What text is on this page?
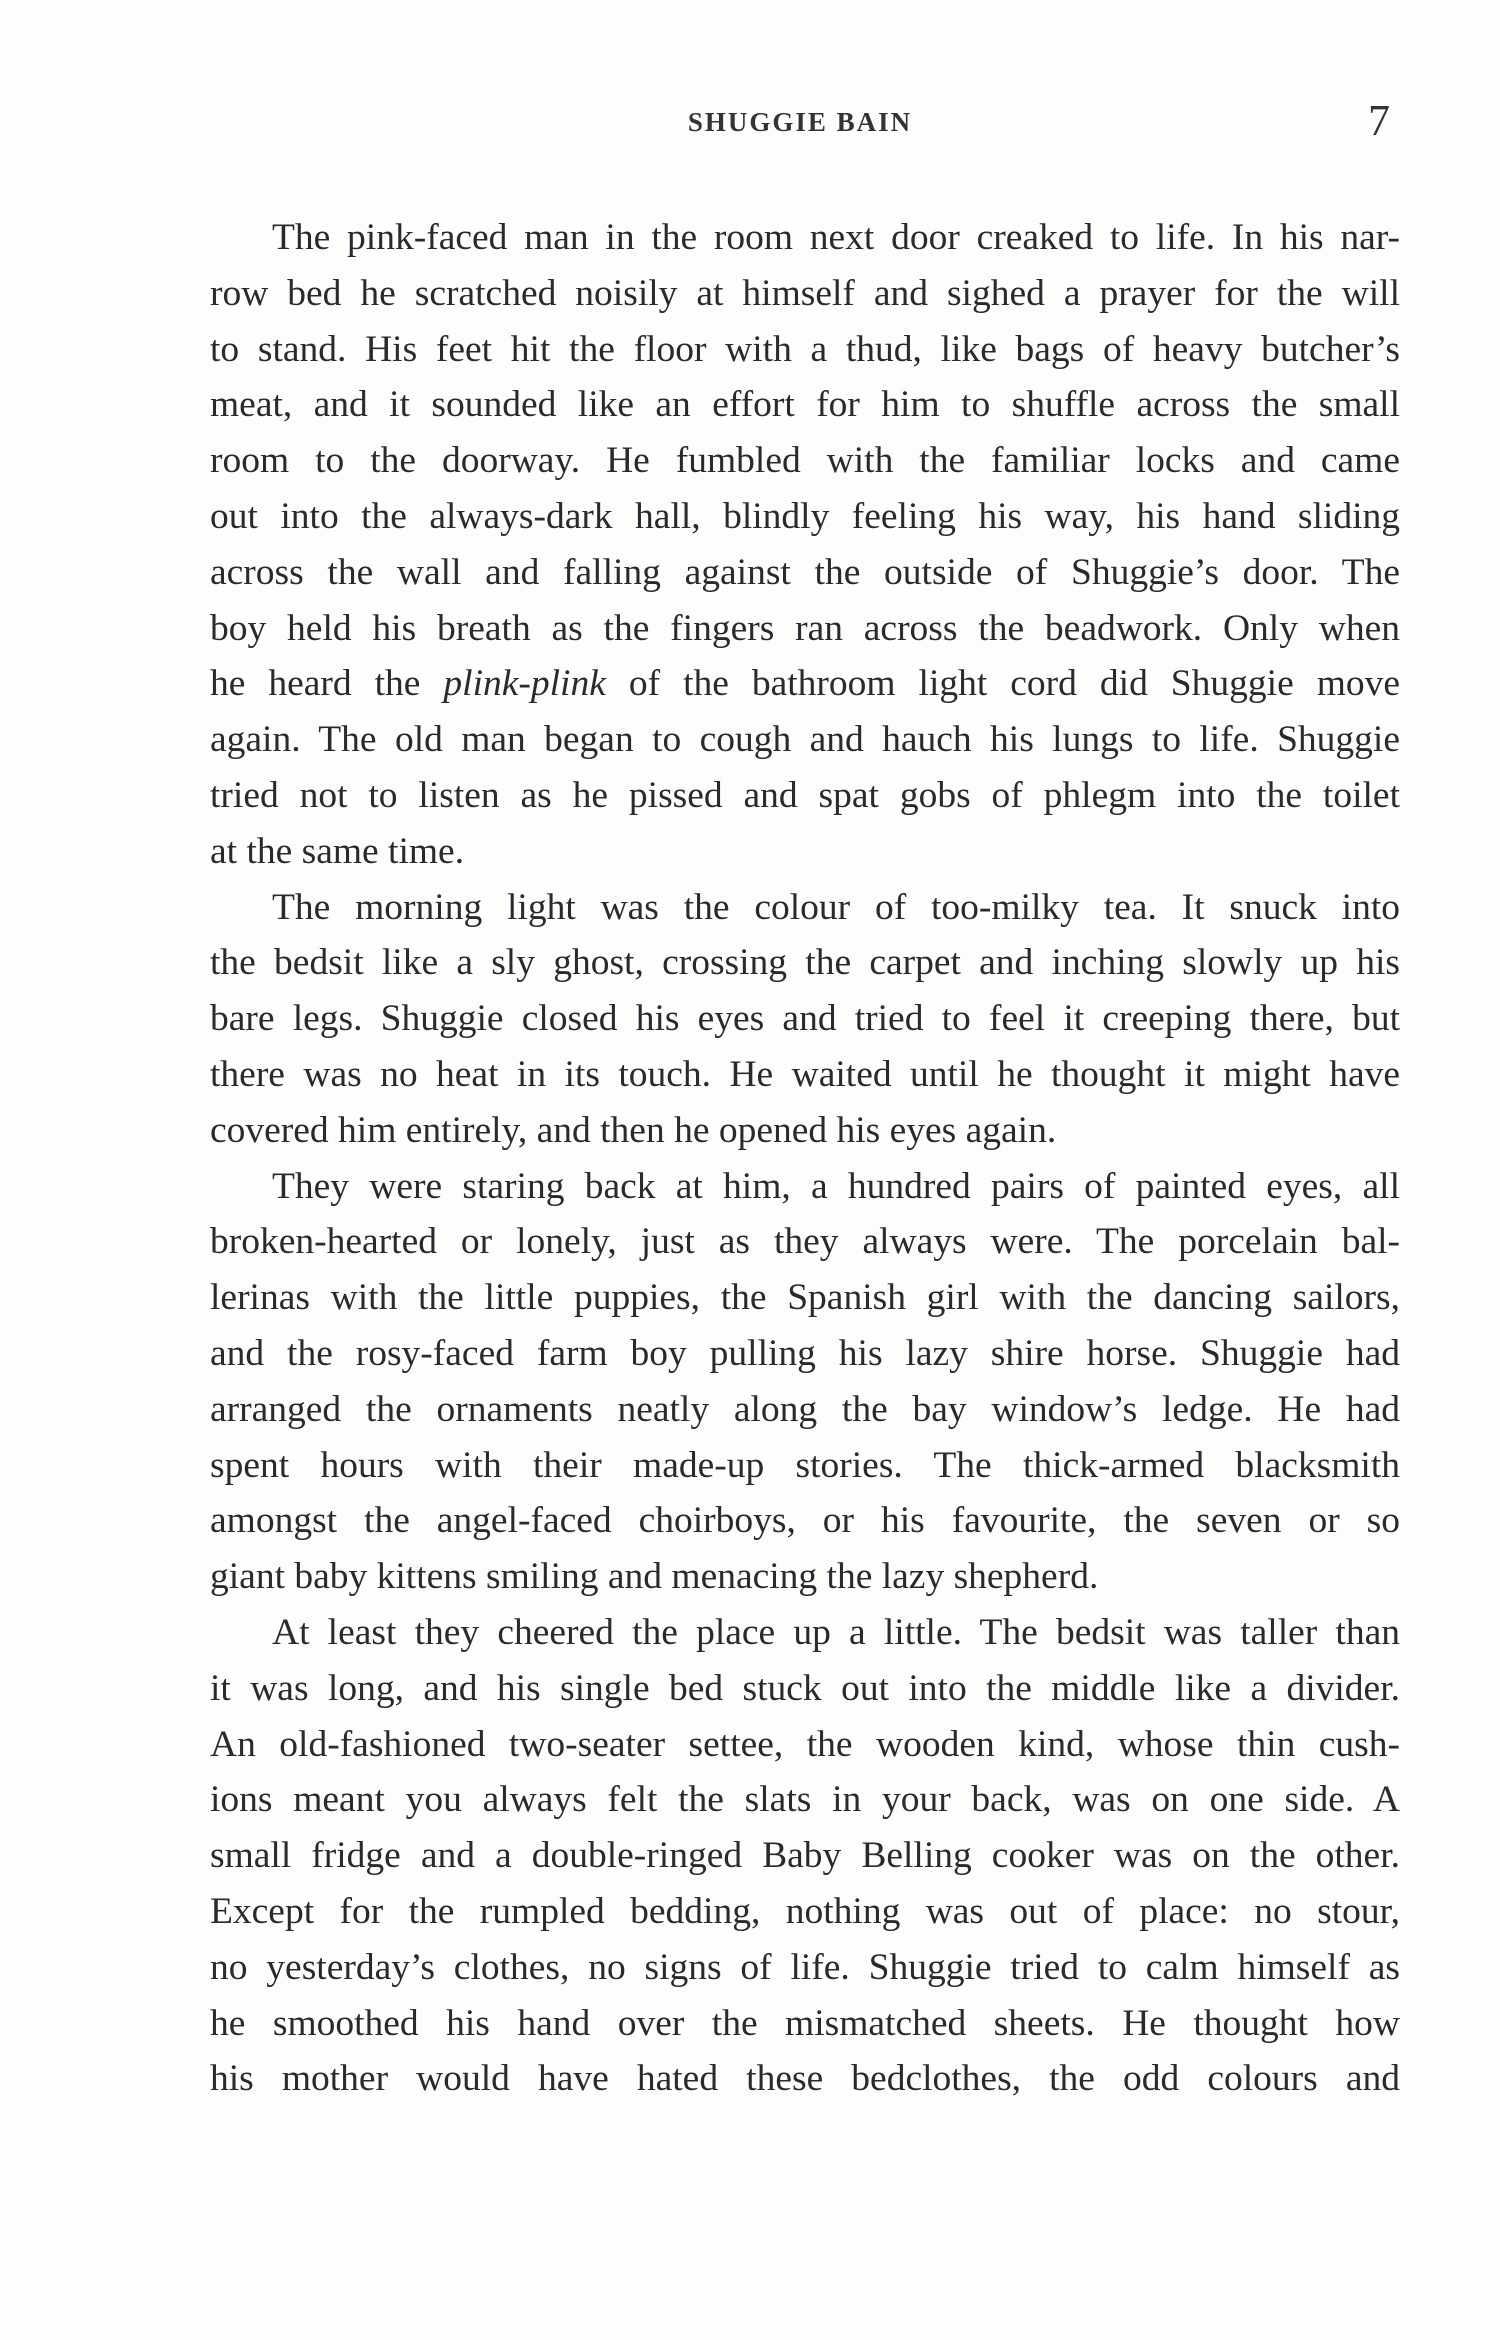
SHUGGIE BAIN	7
The pink-faced man in the room next door creaked to life. In his nar-
row bed he scratched noisily at himself and sighed a prayer for the will
to stand. His feet hit the floor with a thud, like bags of heavy butcher’s
meat, and it sounded like an effort for him to shuffle across the small
room to the doorway. He fumbled with the familiar locks and came
out into the always-dark hall, blindly feeling his way, his hand sliding
across the wall and falling against the outside of Shuggie’s door. The
boy held his breath as the fingers ran across the beadwork. Only when
he heard the plink-plink of the bathroom light cord did Shuggie move
again. The old man began to cough and hauch his lungs to life. Shuggie
tried not to listen as he pissed and spat gobs of phlegm into the toilet
at the same time.
The morning light was the colour of too-milky tea. It snuck into
the bedsit like a sly ghost, crossing the carpet and inching slowly up his
bare legs. Shuggie closed his eyes and tried to feel it creeping there, but
there was no heat in its touch. He waited until he thought it might have
covered him entirely, and then he opened his eyes again.
They were staring back at him, a hundred pairs of painted eyes, all
broken-hearted or lonely, just as they always were. The porcelain bal-
lerinas with the little puppies, the Spanish girl with the dancing sailors,
and the rosy-faced farm boy pulling his lazy shire horse. Shuggie had
arranged the ornaments neatly along the bay window’s ledge. He had
spent hours with their made-up stories. The thick-armed blacksmith
amongst the angel-faced choirboys, or his favourite, the seven or so
giant baby kittens smiling and menacing the lazy shepherd.
At least they cheered the place up a little. The bedsit was taller than
it was long, and his single bed stuck out into the middle like a divider.
An old-fashioned two-seater settee, the wooden kind, whose thin cush-
ions meant you always felt the slats in your back, was on one side. A
small fridge and a double-ringed Baby Belling cooker was on the other.
Except for the rumpled bedding, nothing was out of place: no stour,
no yesterday’s clothes, no signs of life. Shuggie tried to calm himself as
he smoothed his hand over the mismatched sheets. He thought how
his mother would have hated these bedclothes, the odd colours and
